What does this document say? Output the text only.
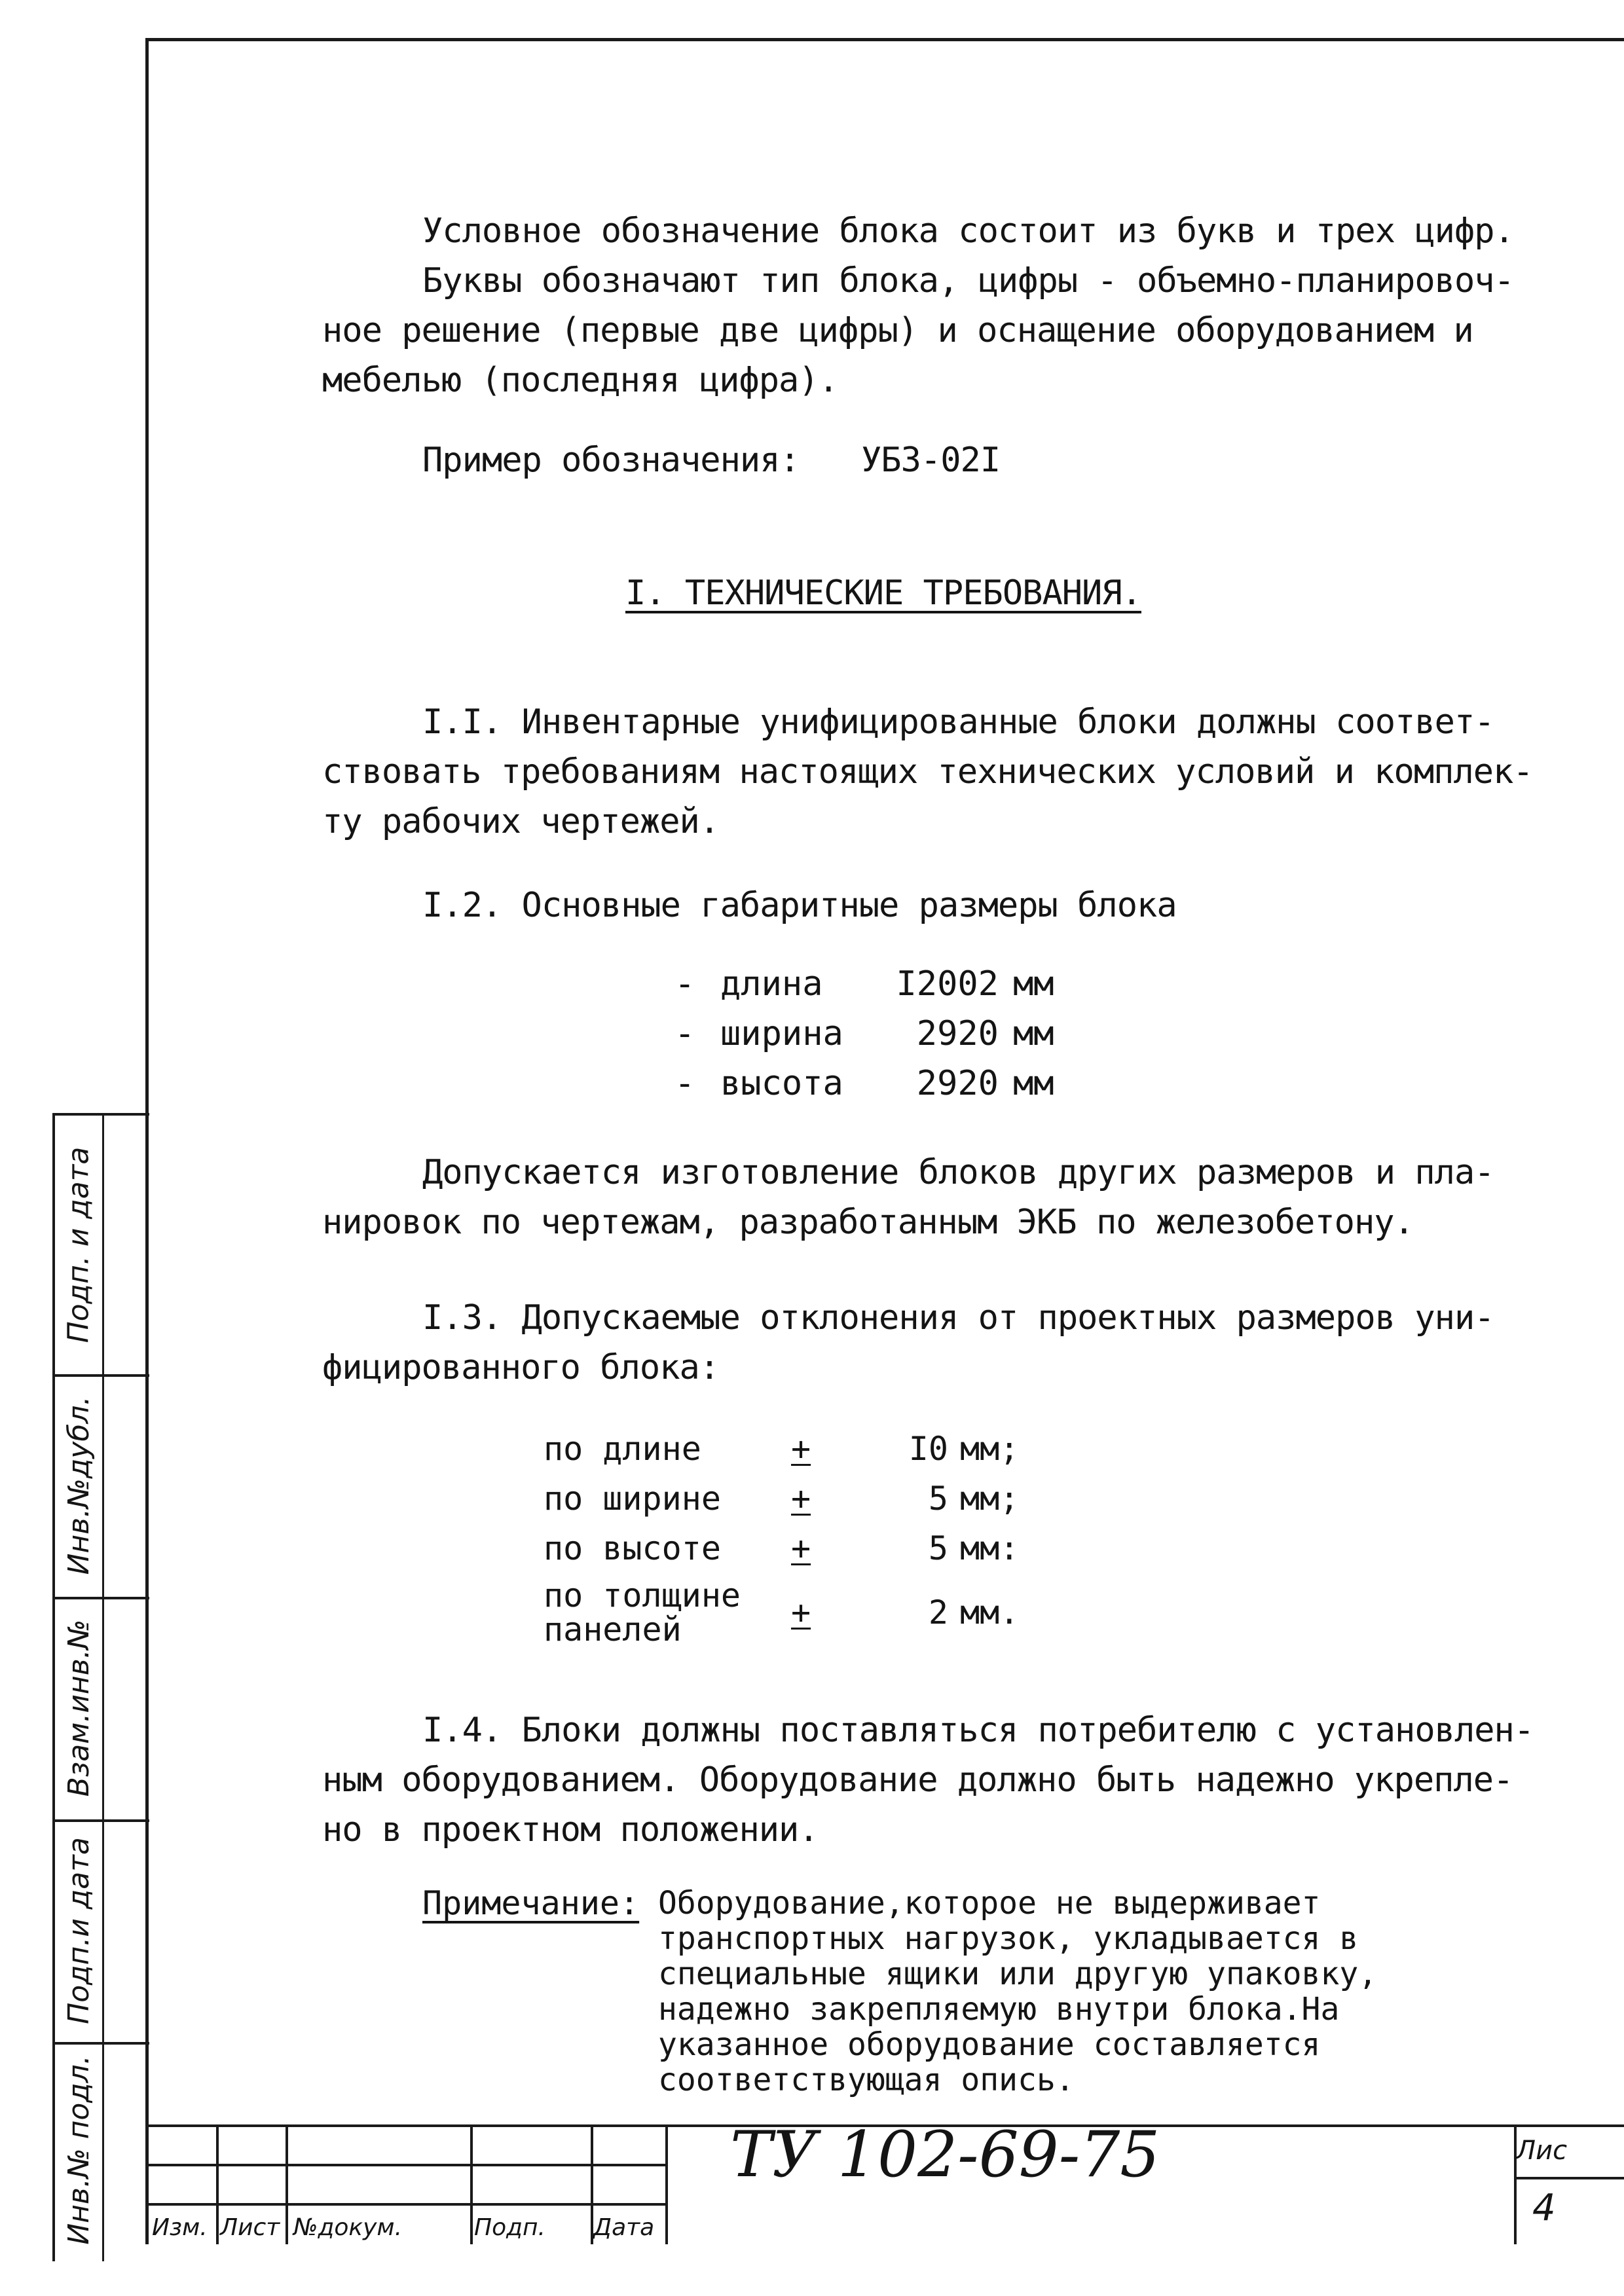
Условное обозначение блока состоит из букв и трех цифр.
Буквы обозначают тип блока, цифры - объемно-планировоч-
ное решение (первые две цифры) и оснащение оборудованием и
мебелью (последняя цифра).
Пример обозначения: УБЗ-02I
I. ТЕХНИЧЕСКИЕ ТРЕБОВАНИЯ.
I.I. Инвентарные унифицированные блоки должны соответ-
ствовать требованиям настоящих технических условий и комплек-
ту рабочих чертежей.
I.2. Основные габаритные размеры блока
- длина I2002 мм
- ширина 2920 мм
- высота 2920 мм
Допускается изготовление блоков других размеров и пла-
нировок по чертежам, разработанным ЭКБ по железобетону.
I.3. Допускаемые отклонения от проектных размеров уни-
фицированного блока:
по длине	+	I0 мм;
по ширине	+	5 мм;
по высоте	+	5 мм:
по толщине панелей	+	2 мм.
I.4. Блоки должны поставляться потребителю с установлен-
ным оборудованием. Оборудование должно быть надежно укрепле-
но в проектном положении.
Примечание: Оборудование,которое не выдерживает
транспортных нагрузок, укладывается в
специальные ящики или другую упаковку,
надежно закрепляемую внутри блока.На
указанное оборудование составляется
соответствующая опись.
Подп. и дата
Инв.№дубл.
Взам.инв.№
Подп.и дата
Инв.№ подл. Изм. Лист №докум.	Подп. Дата
ТУ 102-69-75	Лис
4
